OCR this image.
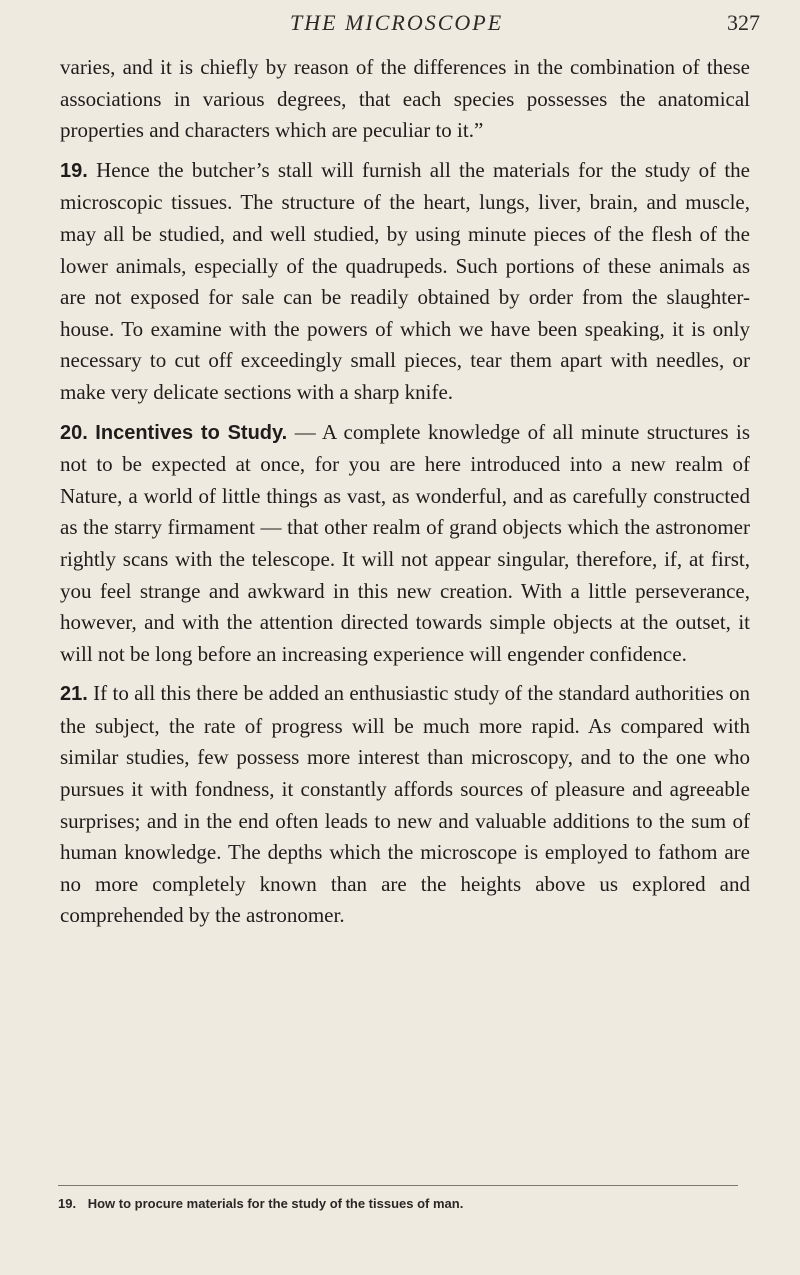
THE MICROSCOPE	327

varies, and it is chiefly by reason of the differences in the combination of these associations in various degrees, that each species possesses the anatomical properties and characters which are peculiar to it.”

19. Hence the butcher’s stall will furnish all the materials for the study of the microscopic tissues. The structure of the heart, lungs, liver, brain, and muscle, may all be studied, and well studied, by using minute pieces of the flesh of the lower animals, especially of the quadrupeds. Such portions of these animals as are not exposed for sale can be readily obtained by order from the slaughter-house. To examine with the powers of which we have been speaking, it is only necessary to cut off exceedingly small pieces, tear them apart with needles, or make very delicate sections with a sharp knife.

20. Incentives to Study. — A complete knowledge of all minute structures is not to be expected at once, for you are here introduced into a new realm of Nature, a world of little things as vast, as wonderful, and as carefully constructed as the starry firmament — that other realm of grand objects which the astronomer rightly scans with the telescope. It will not appear singular, therefore, if, at first, you feel strange and awkward in this new creation. With a little perseverance, however, and with the attention directed towards simple objects at the outset, it will not be long before an increasing experience will engender confidence.

21. If to all this there be added an enthusiastic study of the standard authorities on the subject, the rate of progress will be much more rapid. As compared with similar studies, few possess more interest than microscopy, and to the one who pursues it with fondness, it constantly affords sources of pleasure and agreeable surprises; and in the end often leads to new and valuable additions to the sum of human knowledge. The depths which the microscope is employed to fathom are no more completely known than are the heights above us explored and comprehended by the astronomer.

19. How to procure materials for the study of the tissues of man.
